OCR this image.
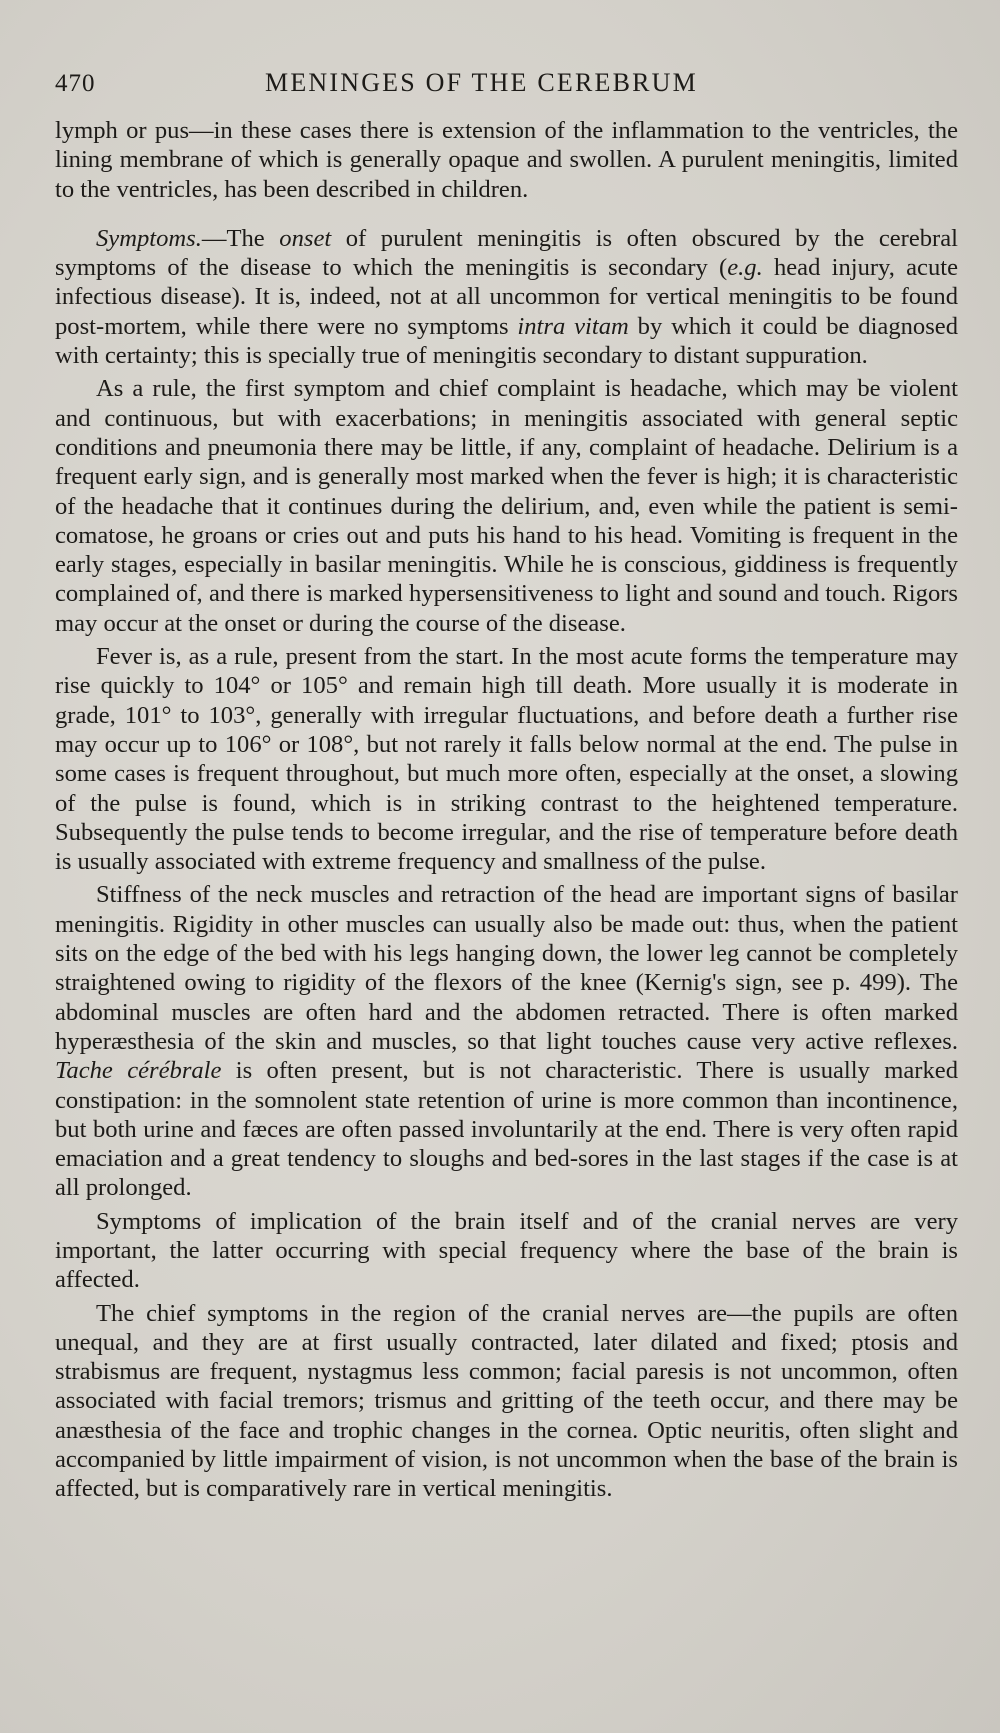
470	MENINGES OF THE CEREBRUM

lymph or pus—in these cases there is extension of the inflammation to the ventricles, the lining membrane of which is generally opaque and swollen. A purulent meningitis, limited to the ventricles, has been described in children.

Symptoms.—The onset of purulent meningitis is often obscured by the cerebral symptoms of the disease to which the meningitis is secondary (e.g. head injury, acute infectious disease). It is, indeed, not at all uncommon for vertical meningitis to be found post-mortem, while there were no symptoms intra vitam by which it could be diagnosed with certainty; this is specially true of meningitis secondary to distant suppuration.

As a rule, the first symptom and chief complaint is headache, which may be violent and continuous, but with exacerbations; in meningitis associated with general septic conditions and pneumonia there may be little, if any, complaint of headache. Delirium is a frequent early sign, and is generally most marked when the fever is high; it is characteristic of the headache that it continues during the delirium, and, even while the patient is semi-comatose, he groans or cries out and puts his hand to his head. Vomiting is frequent in the early stages, especially in basilar meningitis. While he is conscious, giddiness is frequently complained of, and there is marked hypersensitiveness to light and sound and touch. Rigors may occur at the onset or during the course of the disease.

Fever is, as a rule, present from the start. In the most acute forms the temperature may rise quickly to 104° or 105° and remain high till death. More usually it is moderate in grade, 101° to 103°, generally with irregular fluctuations, and before death a further rise may occur up to 106° or 108°, but not rarely it falls below normal at the end. The pulse in some cases is frequent throughout, but much more often, especially at the onset, a slowing of the pulse is found, which is in striking contrast to the heightened temperature. Subsequently the pulse tends to become irregular, and the rise of temperature before death is usually associated with extreme frequency and smallness of the pulse.

Stiffness of the neck muscles and retraction of the head are important signs of basilar meningitis. Rigidity in other muscles can usually also be made out: thus, when the patient sits on the edge of the bed with his legs hanging down, the lower leg cannot be completely straightened owing to rigidity of the flexors of the knee (Kernig's sign, see p. 499). The abdominal muscles are often hard and the abdomen retracted. There is often marked hyperæsthesia of the skin and muscles, so that light touches cause very active reflexes. Tache cérébrale is often present, but is not characteristic. There is usually marked constipation: in the somnolent state retention of urine is more common than incontinence, but both urine and fæces are often passed involuntarily at the end. There is very often rapid emaciation and a great tendency to sloughs and bed-sores in the last stages if the case is at all prolonged.

Symptoms of implication of the brain itself and of the cranial nerves are very important, the latter occurring with special frequency where the base of the brain is affected.

The chief symptoms in the region of the cranial nerves are—the pupils are often unequal, and they are at first usually contracted, later dilated and fixed; ptosis and strabismus are frequent, nystagmus less common; facial paresis is not uncommon, often associated with facial tremors; trismus and gritting of the teeth occur, and there may be anæsthesia of the face and trophic changes in the cornea. Optic neuritis, often slight and accompanied by little impairment of vision, is not uncommon when the base of the brain is affected, but is comparatively rare in vertical meningitis.
